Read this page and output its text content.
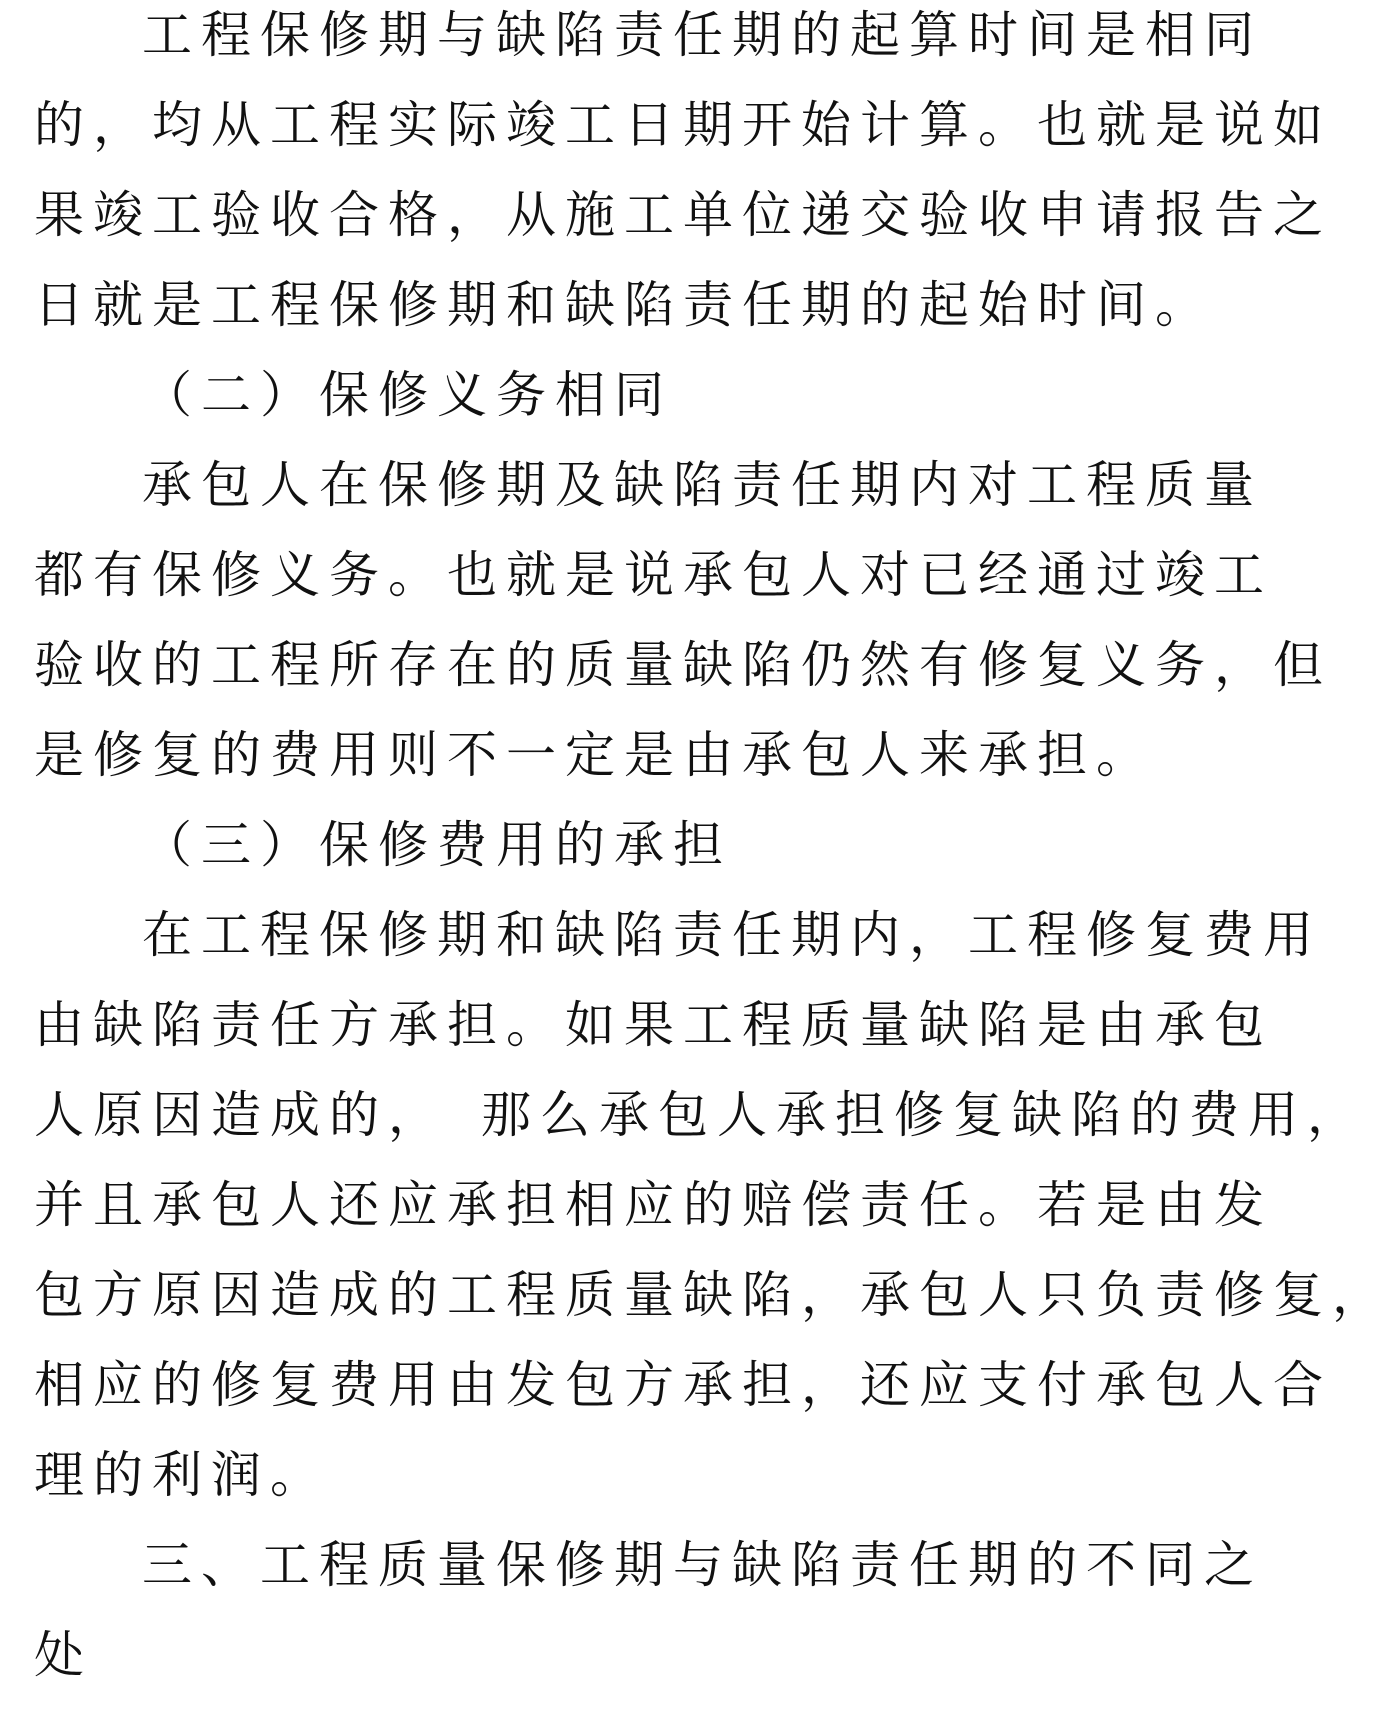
工程保修期与缺陷责任期的起算时间是相同
的，均从工程实际竣工日期开始计算。也就是说如
果竣工验收合格，从施工单位递交验收申请报告之
日就是工程保修期和缺陷责任期的起始时间。
（二）保修义务相同
承包人在保修期及缺陷责任期内对工程质量
都有保修义务。也就是说承包人对已经通过竣工
验收的工程所存在的质量缺陷仍然有修复义务，但
是修复的费用则不一定是由承包人来承担。
（三）保修费用的承担
在工程保修期和缺陷责任期内，工程修复费用
由缺陷责任方承担。如果工程质量缺陷是由承包
人原因造成的，　那么承包人承担修复缺陷的费用，
并且承包人还应承担相应的赔偿责任。若是由发
包方原因造成的工程质量缺陷，承包人只负责修复，
相应的修复费用由发包方承担，还应支付承包人合
理的利润。
三、工程质量保修期与缺陷责任期的不同之
处
